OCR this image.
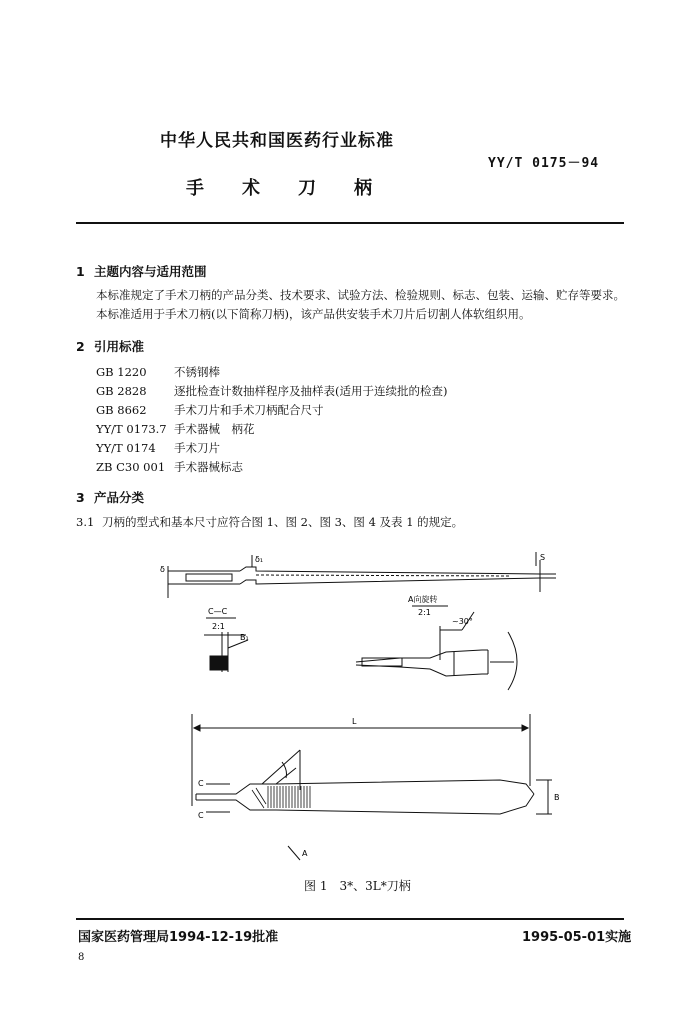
中华人民共和国医药行业标准
YY/T 0175－94
手术刀柄
1 主题内容与适用范围
本标准规定了手术刀柄的产品分类、技术要求、试验方法、检验规则、标志、包装、运输、贮存等要求。
本标准适用于手术刀柄(以下简称刀柄)，该产品供安装手术刀片后切割人体软组织用。
2 引用标准
GB 1220 不锈钢棒
GB 2828 逐批检查计数抽样程序及抽样表(适用于连续批的检查)
GB 8662 手术刀片和手术刀柄配合尺寸
YY/T 0173.7 手术器械　柄花
YY/T 0174 手术刀片
ZB C30 001 手术器械标志
3 产品分类
3.1 刀柄的型式和基本尺寸应符合图 1、图 2、图 3、图 4 及表 1 的规定。
C—C
2:1
B₁
A向旋转
2:1
~30°
δ
δ₁	S
L
C
C
B
A
图 1　3*、3L*刀柄
国家医药管理局1994-12-19批准	1995-05-01实施
8
